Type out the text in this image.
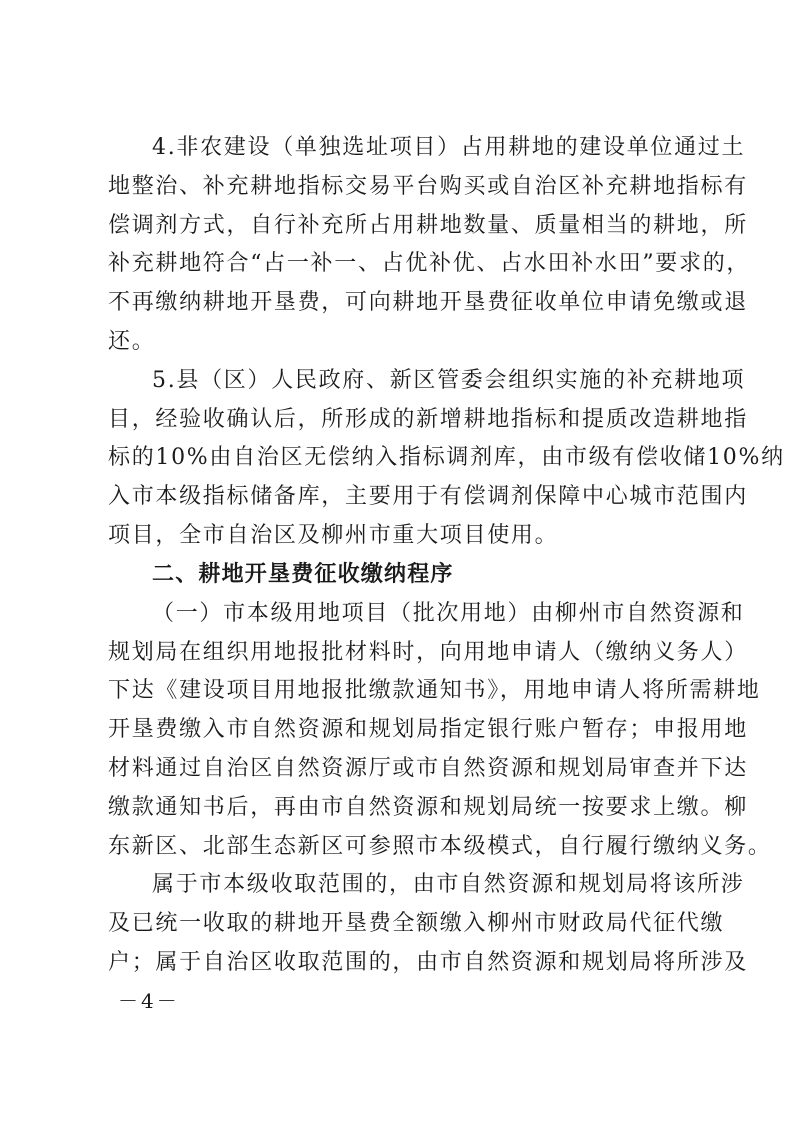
4.非农建设（单独选址项目）占用耕地的建设单位通过土
地整治、补充耕地指标交易平台购买或自治区补充耕地指标有
偿调剂方式，自行补充所占用耕地数量、质量相当的耕地，所
补充耕地符合“占一补一、占优补优、占水田补水田”要求的，
不再缴纳耕地开垦费，可向耕地开垦费征收单位申请免缴或退
还。
5.县（区）人民政府、新区管委会组织实施的补充耕地项
目，经验收确认后，所形成的新增耕地指标和提质改造耕地指
标的10%由自治区无偿纳入指标调剂库，由市级有偿收储10%纳
入市本级指标储备库，主要用于有偿调剂保障中心城市范围内
项目，全市自治区及柳州市重大项目使用。
二、耕地开垦费征收缴纳程序
（一）市本级用地项目（批次用地）由柳州市自然资源和
规划局在组织用地报批材料时，向用地申请人（缴纳义务人）
下达《建设项目用地报批缴款通知书》，用地申请人将所需耕地
开垦费缴入市自然资源和规划局指定银行账户暂存；申报用地
材料通过自治区自然资源厅或市自然资源和规划局审查并下达
缴款通知书后，再由市自然资源和规划局统一按要求上缴。柳
东新区、北部生态新区可参照市本级模式，自行履行缴纳义务。
属于市本级收取范围的，由市自然资源和规划局将该所涉
及已统一收取的耕地开垦费全额缴入柳州市财政局代征代缴
户；属于自治区收取范围的，由市自然资源和规划局将所涉及
－4－
